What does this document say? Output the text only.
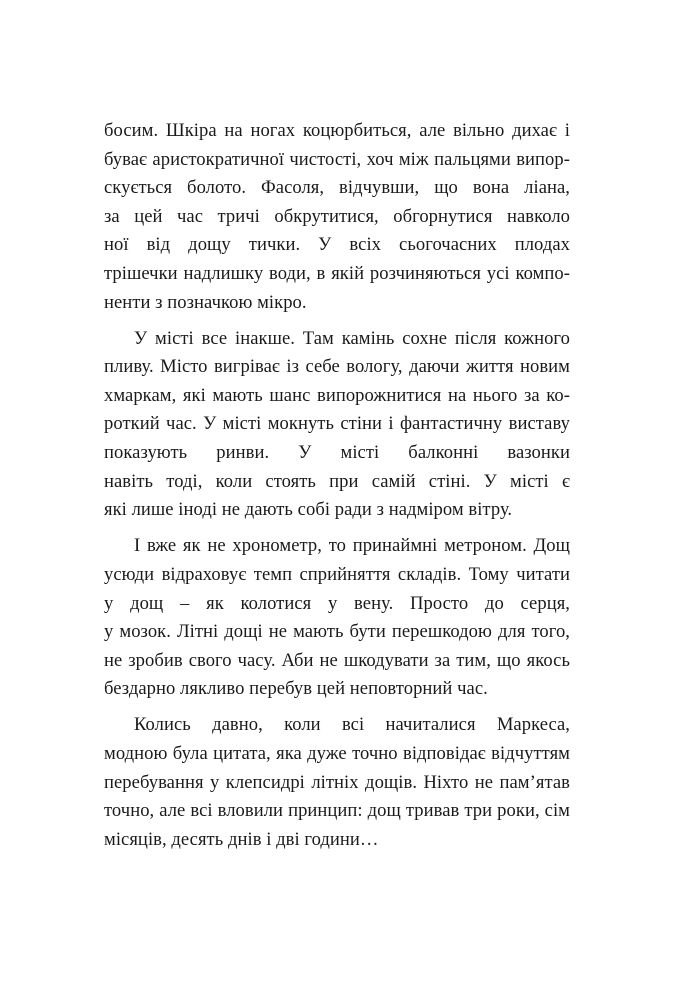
босим. Шкіра на ногах коцюрбиться, але вільно дихає і
буває аристократичної чистості, хоч між пальцями випор-
скується болото. Фасоля, відчувши, що вона ліана,
за цей час тричі обкрутитися, обгорнутися навколо
ної від дощу тички. У всіх сьогочасних плодах
трішечки надлишку води, в якій розчиняються усі компо-
ненти з позначкою мікро.
У місті все інакше. Там камінь сохне після кожного
пливу. Місто вигріває із себе вологу, даючи життя новим
хмаркам, які мають шанс випорожнитися на нього за ко-
роткий час. У місті мокнуть стіни і фантастичну виставу
показують ринви. У місті балконні вазонки
навіть тоді, коли стоять при самій стіні. У місті є
які лише іноді не дають собі ради з надміром вітру.
І вже як не хронометр, то принаймні метроном. Дощ
усюди відраховує темп сприйняття складів. Тому читати
у дощ – як колотися у вену. Просто до серця,
у мозок. Літні дощі не мають бути перешкодою для того,
не зробив свого часу. Аби не шкодувати за тим, що якось
бездарно лякливо перебув цей неповторний час.
Колись давно, коли всі начиталися Маркеса,
модною була цитата, яка дуже точно відповідає відчуттям
перебування у клепсидрі літніх дощів. Ніхто не пам’ятав
точно, але всі вловили принцип: дощ тривав три роки, сім
місяців, десять днів і дві години…
